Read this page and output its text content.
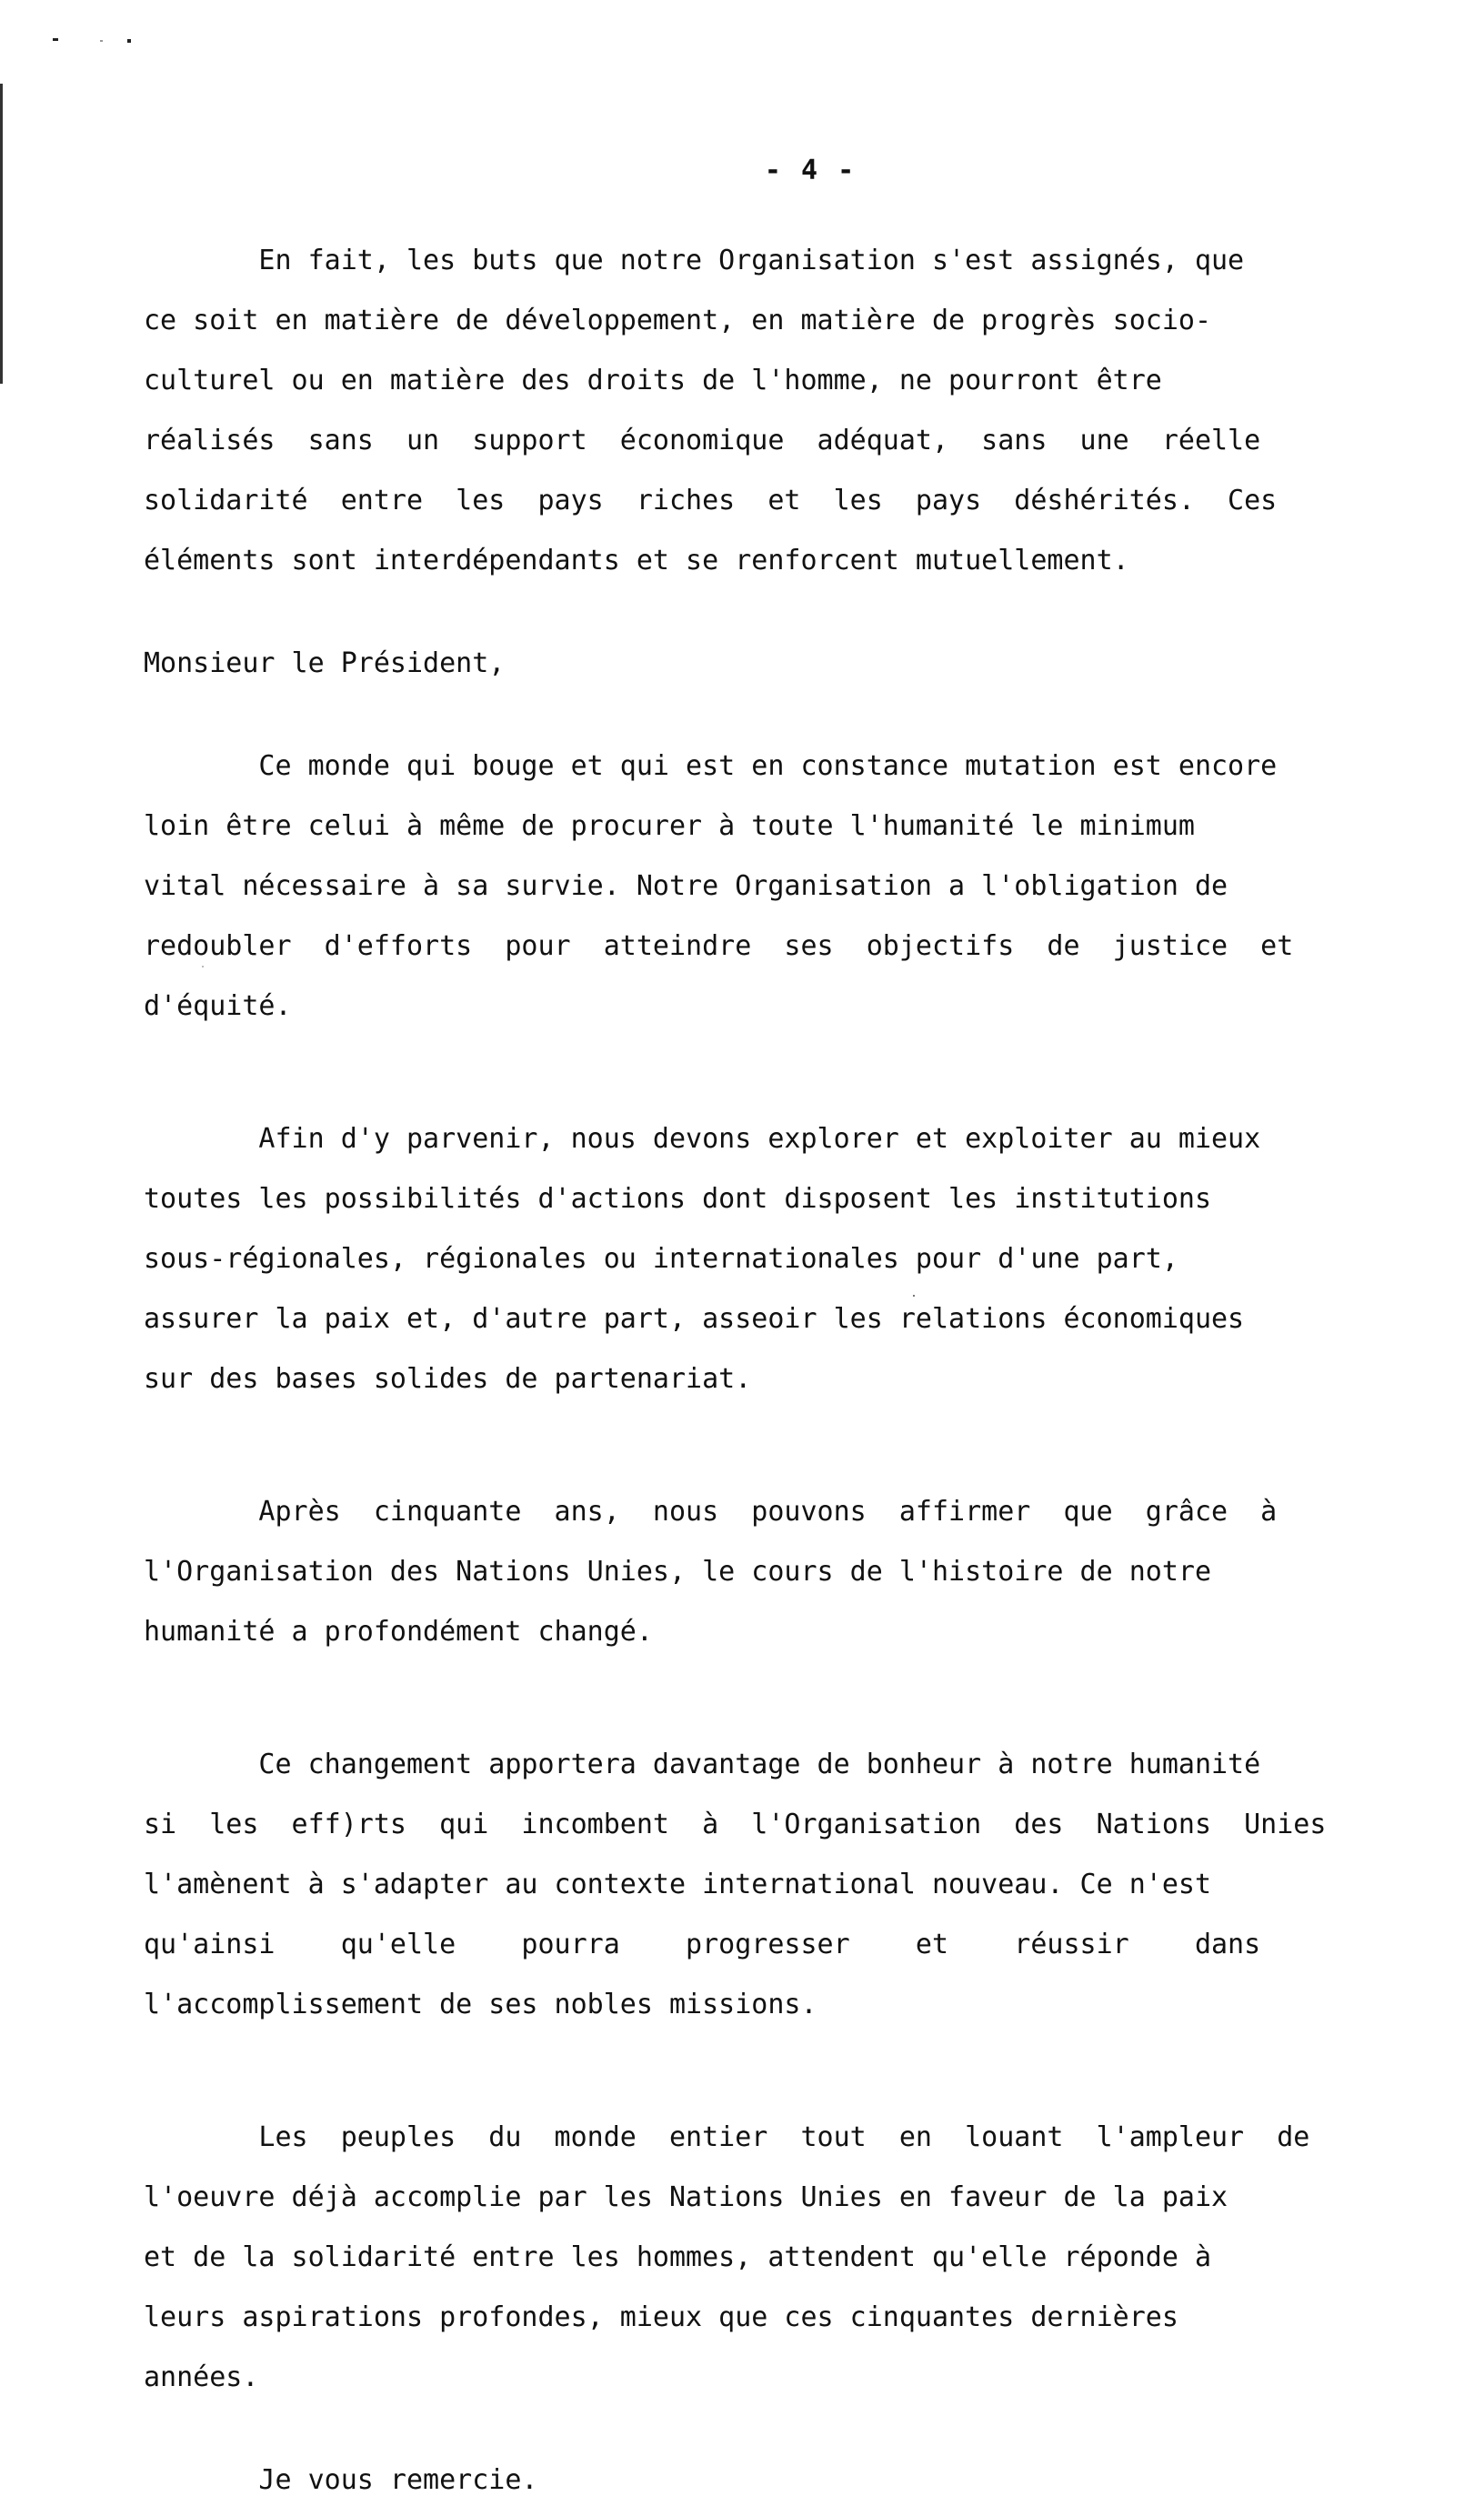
- 4 -

En fait, les buts que notre Organisation s'est assignés, que

ce soit en matière de développement, en matière de progrès socio-

culturel ou en matière des droits de l'homme, ne pourront être

réalisés  sans  un  support  économique  adéquat,  sans  une  réelle

solidarité  entre  les  pays  riches  et  les  pays  déshérités.  Ces

éléments sont interdépendants et se renforcent mutuellement.

Monsieur le Président,

Ce monde qui bouge et qui est en constance mutation est encore

loin être celui à même de procurer à toute l'humanité le minimum

vital nécessaire à sa survie. Notre Organisation a l'obligation de

redoubler  d'efforts  pour  atteindre  ses  objectifs  de  justice  et

d'équité.

Afin d'y parvenir, nous devons explorer et exploiter au mieux

toutes les possibilités d'actions dont disposent les institutions

sous-régionales, régionales ou internationales pour d'une part,

assurer la paix et, d'autre part, asseoir les relations économiques

sur des bases solides de partenariat.

Après  cinquante  ans,  nous  pouvons  affirmer  que  grâce  à

l'Organisation des Nations Unies, le cours de l'histoire de notre

humanité a profondément changé.

Ce changement apportera davantage de bonheur à notre humanité

si  les  eff)rts  qui  incombent  à  l'Organisation  des  Nations  Unies

l'amènent à s'adapter au contexte international nouveau. Ce n'est

qu'ainsi    qu'elle    pourra    progresser    et    réussir    dans

l'accomplissement de ses nobles missions.

Les  peuples  du  monde  entier  tout  en  louant  l'ampleur  de

l'oeuvre déjà accomplie par les Nations Unies en faveur de la paix

et de la solidarité entre les hommes, attendent qu'elle réponde à

leurs aspirations profondes, mieux que ces cinquantes dernières

années.

Je vous remercie.
